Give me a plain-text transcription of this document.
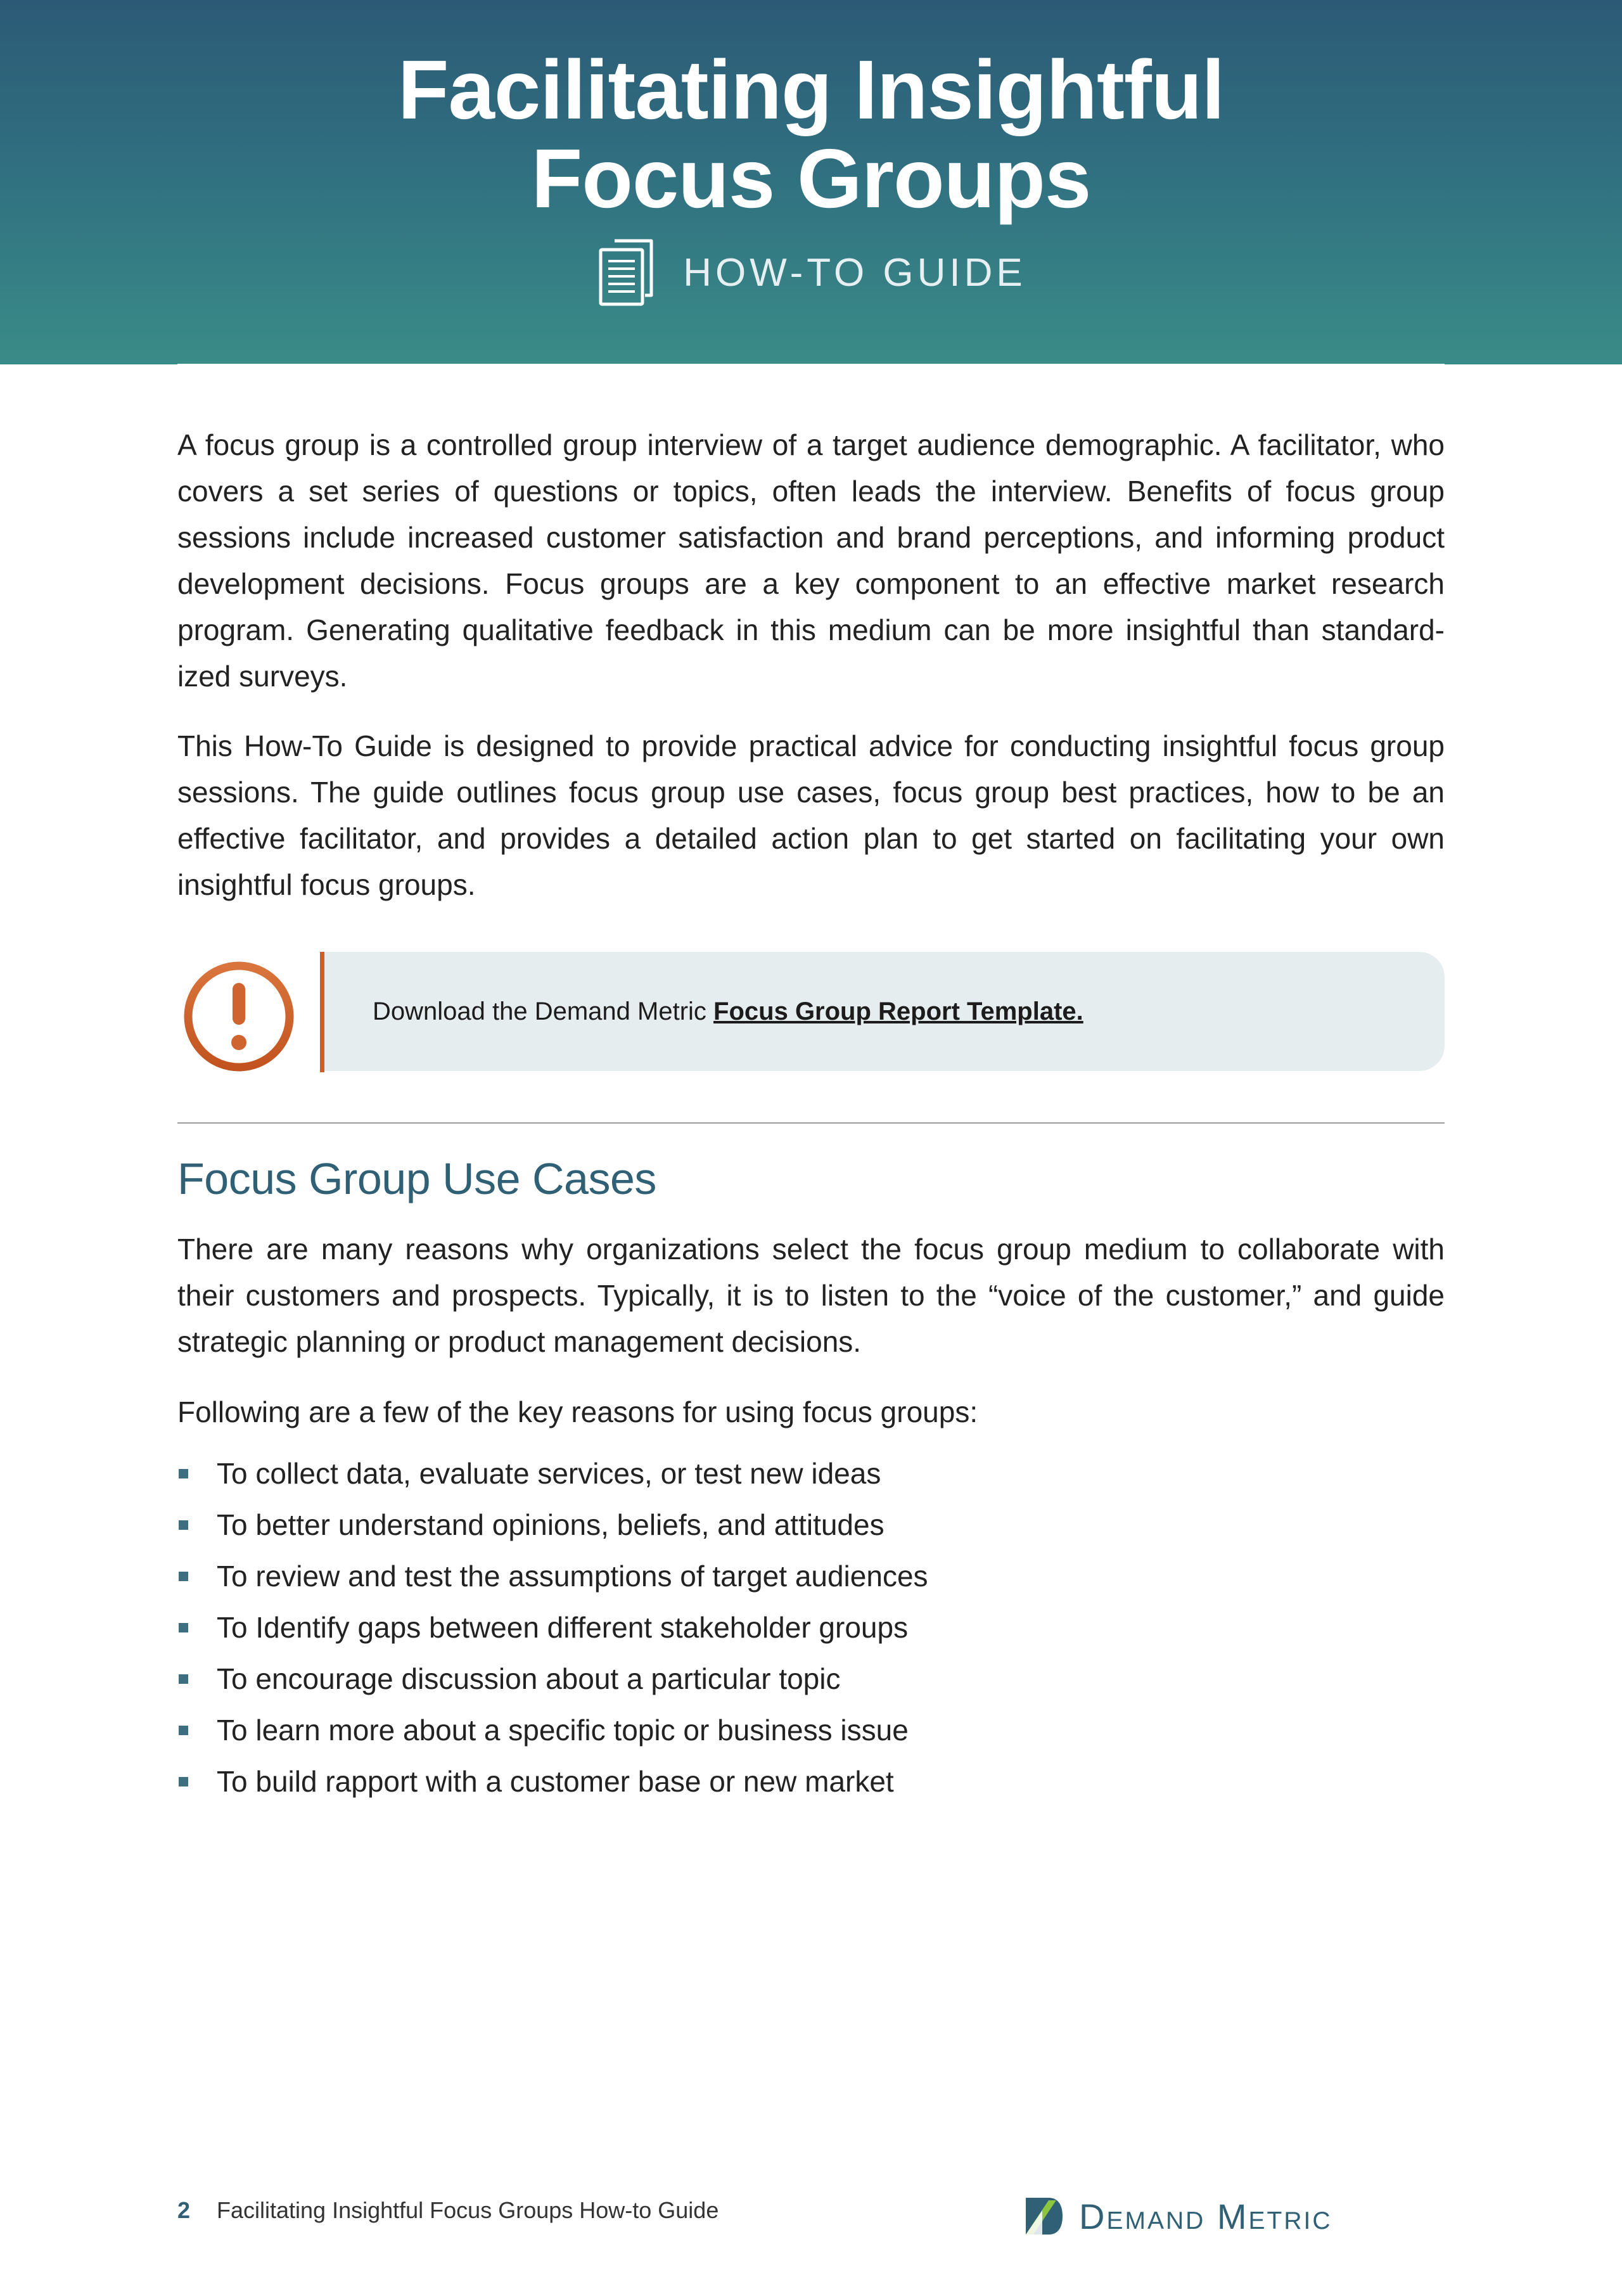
Facilitating Insightful
Focus Groups
HOW-TO GUIDE

A focus group is a controlled group interview of a target audience demographic. A facilitator, who covers a set series of questions or topics, often leads the interview. Benefits of focus group sessions include increased customer satisfaction and brand perceptions, and informing product development decisions. Focus groups are a key component to an effective market research program. Generating qualitative feedback in this medium can be more insightful than standard-ized surveys.

This How-To Guide is designed to provide practical advice for conducting insightful focus group sessions. The guide outlines focus group use cases, focus group best practices, how to be an effective facilitator, and provides a detailed action plan to get started on facilitating your own insightful focus groups.

Download the Demand Metric Focus Group Report Template.
Focus Group Use Cases

There are many reasons why organizations select the focus group medium to collaborate with their customers and prospects. Typically, it is to listen to the “voice of the customer,” and guide strategic planning or product management decisions.

Following are a few of the key reasons for using focus groups:

To collect data, evaluate services, or test new ideas
To better understand opinions, beliefs, and attitudes
To review and test the assumptions of target audiences
To Identify gaps between different stakeholder groups
To encourage discussion about a particular topic
To learn more about a specific topic or business issue
To build rapport with a customer base or new market
2 Facilitating Insightful Focus Groups How-to Guide	Demand Metric
